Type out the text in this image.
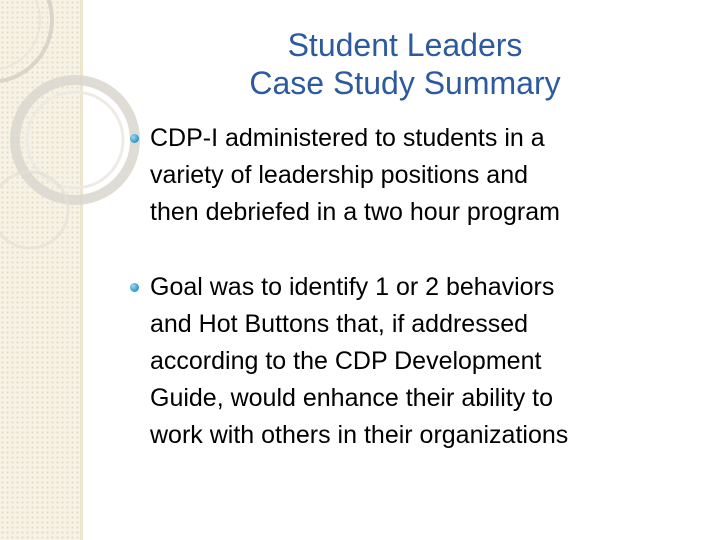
Student Leaders
Case Study Summary
CDP-I administered to students in a
variety of leadership positions and
then debriefed in a two hour program
Goal was to identify 1 or 2 behaviors
and Hot Buttons that, if addressed
according to the CDP Development
Guide, would enhance their ability to
work with others in their organizations
